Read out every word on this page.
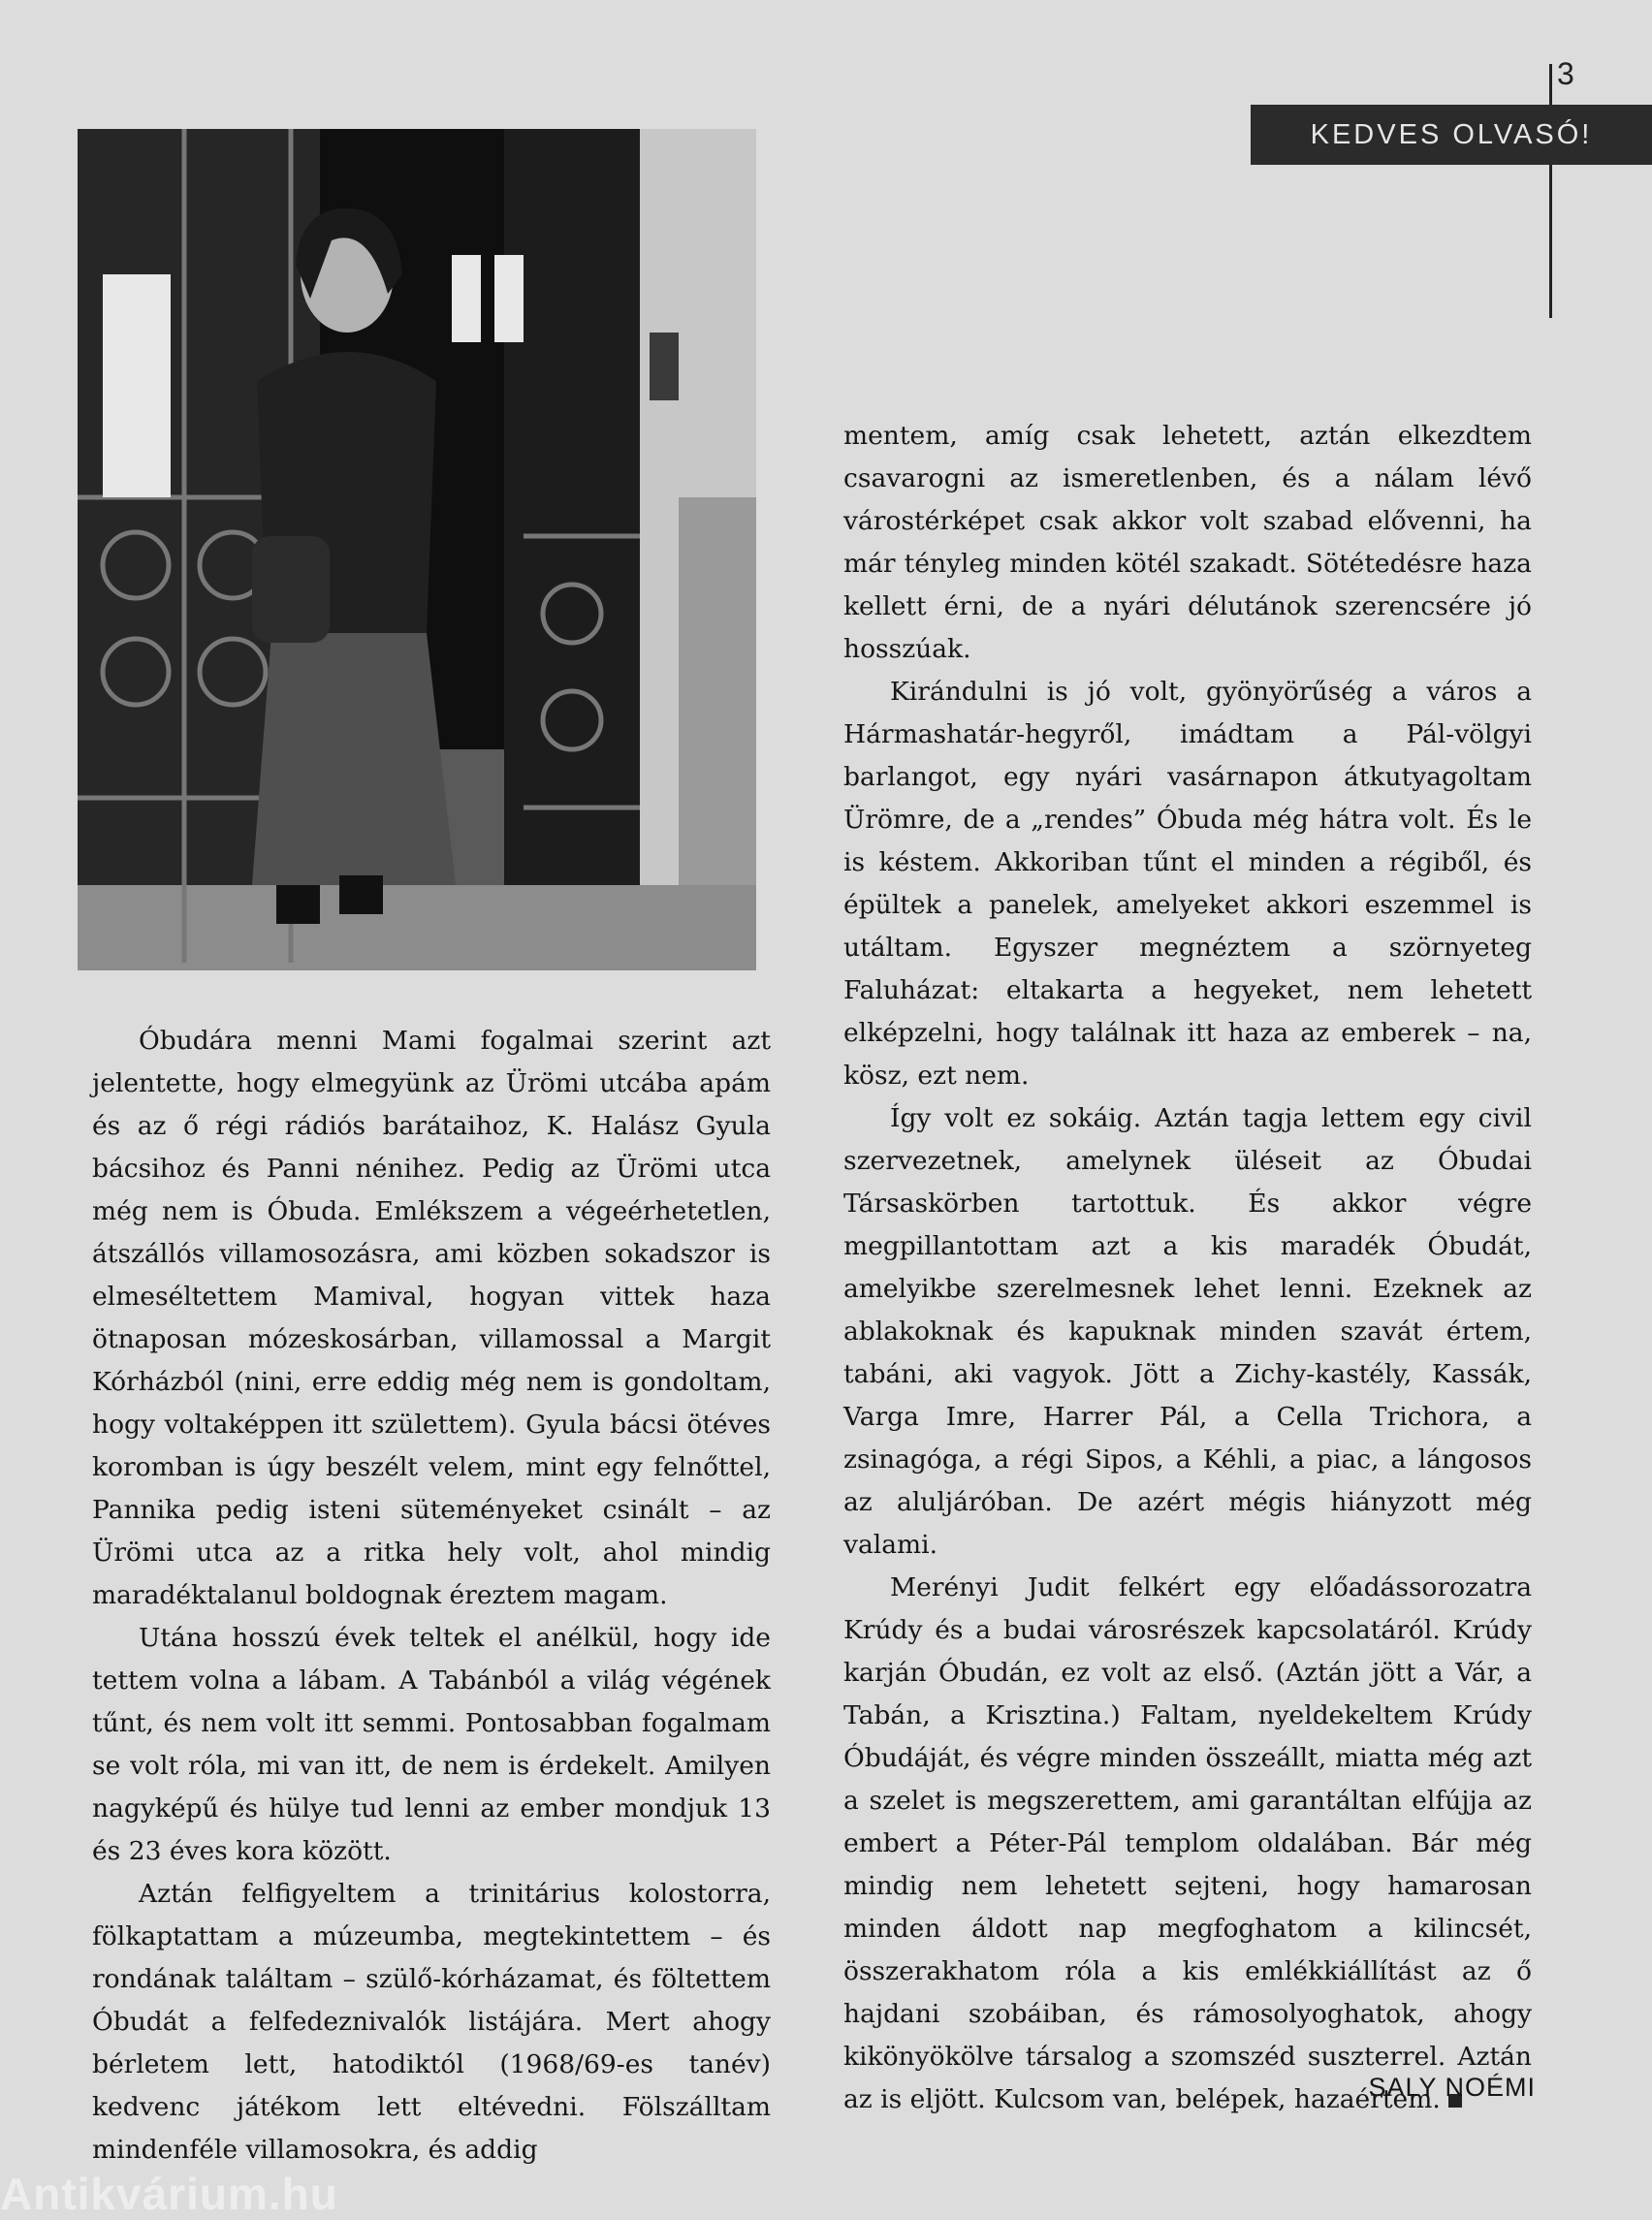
3
KEDVES OLVASÓ!

Óbudára menni Mami fogalmai szerint azt jelentette, hogy elmegyünk az Ürömi utcába apám és az ő régi rádiós barátaihoz, K. Halász Gyula bácsihoz és Panni nénihez. Pedig az Ürömi utca még nem is Óbuda. Emlékszem a végeérhetetlen, átszállós villamosozásra, ami közben sokadszor is elmeséltettem Mamival, hogyan vittek haza ötnaposan mózeskosárban, villamossal a Margit Kórházból (nini, erre eddig még nem is gondoltam, hogy voltaképpen itt születtem). Gyula bácsi ötéves koromban is úgy beszélt velem, mint egy felnőttel, Pannika pedig isteni süteményeket csinált – az Ürömi utca az a ritka hely volt, ahol mindig maradéktalanul boldognak éreztem magam.

Utána hosszú évek teltek el anélkül, hogy ide tettem volna a lábam. A Tabánból a világ végének tűnt, és nem volt itt semmi. Pontosabban fogalmam se volt róla, mi van itt, de nem is érdekelt. Amilyen nagyképű és hülye tud lenni az ember mondjuk 13 és 23 éves kora között.

Aztán felfigyeltem a trinitárius kolostorra, fölkaptattam a múzeumba, megtekintettem – és rondának találtam – szülő-kórházamat, és föltettem Óbudát a felfedeznivalók listájára. Mert ahogy bérletem lett, hatodiktól (1968/69-es tanév) kedvenc játékom lett eltévedni. Fölszálltam mindenféle villamosokra, és addig

mentem, amíg csak lehetett, aztán elkezdtem csavarogni az ismeretlenben, és a nálam lévő várostérképet csak akkor volt szabad elővenni, ha már tényleg minden kötél szakadt. Sötétedésre haza kellett érni, de a nyári délutánok szerencsére jó hosszúak.

Kirándulni is jó volt, gyönyörűség a város a Hármashatár-hegyről, imádtam a Pál-völgyi barlangot, egy nyári vasárnapon átkutyagoltam Ürömre, de a „rendes” Óbuda még hátra volt. És le is késtem. Akkoriban tűnt el minden a régiből, és épültek a panelek, amelyeket akkori eszemmel is utáltam. Egyszer megnéztem a szörnyeteg Faluházat: eltakarta a hegyeket, nem lehetett elképzelni, hogy találnak itt haza az emberek – na, kösz, ezt nem.

Így volt ez sokáig. Aztán tagja lettem egy civil szervezetnek, amelynek üléseit az Óbudai Társaskörben tartottuk. És akkor végre megpillantottam azt a kis maradék Óbudát, amelyikbe szerelmesnek lehet lenni. Ezeknek az ablakoknak és kapuknak minden szavát értem, tabáni, aki vagyok. Jött a Zichy-kastély, Kassák, Varga Imre, Harrer Pál, a Cella Trichora, a zsinagóga, a régi Sipos, a Kéhli, a piac, a lángosos az aluljáróban. De azért mégis hiányzott még valami.

Merényi Judit felkért egy előadássorozatra Krúdy és a budai városrészek kapcsolatáról. Krúdy karján Óbudán, ez volt az első. (Aztán jött a Vár, a Tabán, a Krisztina.) Faltam, nyeldekeltem Krúdy Óbudáját, és végre minden összeállt, miatta még azt a szelet is megszerettem, ami garantáltan elfújja az embert a Péter-Pál templom oldalában. Bár még mindig nem lehetett sejteni, hogy hamarosan minden áldott nap megfoghatom a kilincsét, összerakhatom róla a kis emlékkiállítást az ő hajdani szobáiban, és rámosolyoghatok, ahogy kikönyökölve társalog a szomszéd suszterrel. Aztán az is eljött. Kulcsom van, belépek, hazaértem.

SALY NOÉMI
Antikvárium.hu
